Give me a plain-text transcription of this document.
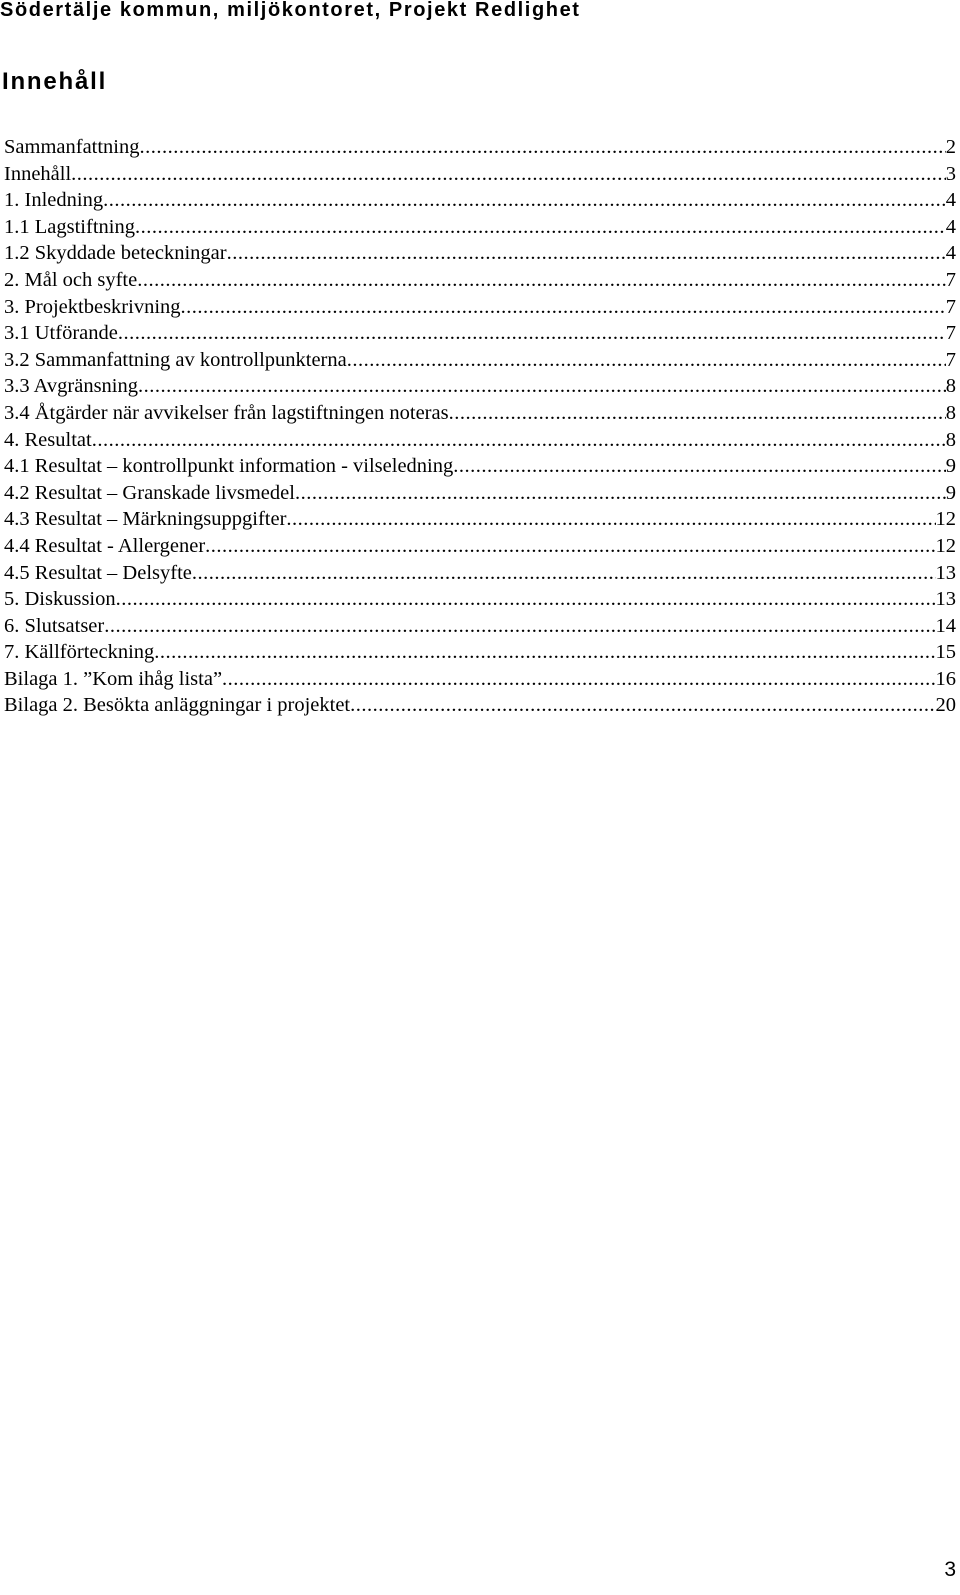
Södertälje kommun, miljökontoret, Projekt Redlighet
Innehåll
Sammanfattning .....	2
Innehåll .....	3
1. Inledning .....	4
1.1 Lagstiftning .....	4
1.2 Skyddade beteckningar .....	4
2. Mål och syfte .....	7
3. Projektbeskrivning .....	7
3.1 Utförande .....	7
3.2 Sammanfattning av kontrollpunkterna .....	7
3.3 Avgränsning .....	8
3.4 Åtgärder när avvikelser från lagstiftningen noteras .....	8
4. Resultat .....	8
4.1 Resultat – kontrollpunkt information - vilseledning .....	9
4.2 Resultat – Granskade livsmedel .....	9
4.3 Resultat – Märkningsuppgifter .....	12
4.4 Resultat - Allergener .....	12
4.5 Resultat – Delsyfte .....	13
5. Diskussion .....	13
6. Slutsatser .....	14
7. Källförteckning .....	15
Bilaga 1. ”Kom ihåg lista” .....	16
Bilaga 2. Besökta anläggningar i projektet .....	20
3
